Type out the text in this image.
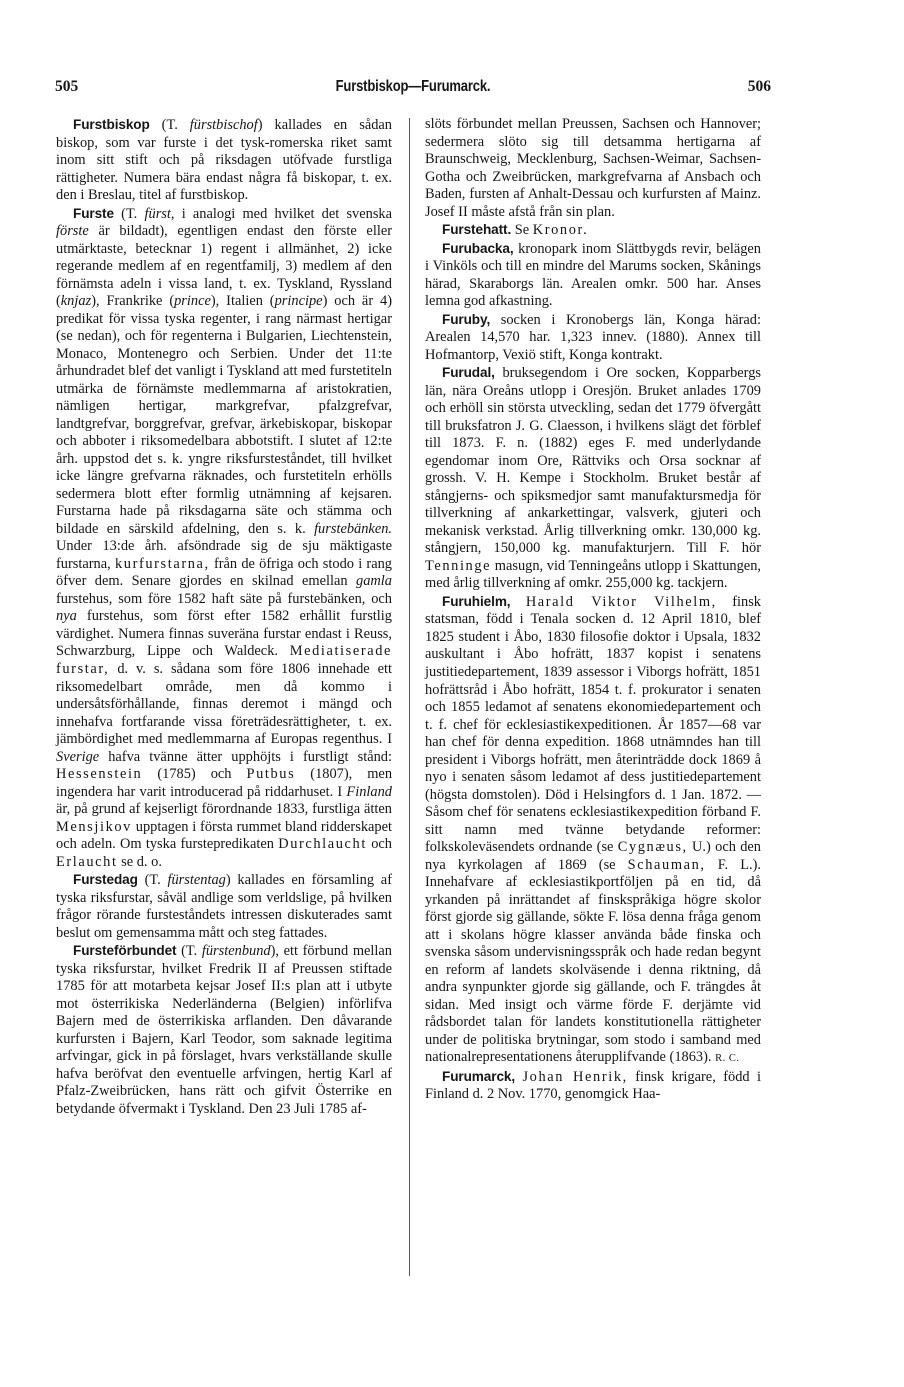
505	Furstbiskop—Furumarck.	506

Furstbiskop (T. fürstbischof) kallades en sådan biskop, som var furste i det tysk-romerska riket samt inom sitt stift och på riksdagen utöfvade furstliga rättigheter. Numera bära endast några få biskopar, t. ex. den i Breslau, titel af furstbiskop.

Furste (T. fürst, i analogi med hvilket det svenska förste är bildadt), egentligen endast den förste eller utmärktaste, betecknar 1) regent i allmänhet, 2) icke regerande medlem af en regentfamilj, 3) medlem af den förnämsta adeln i vissa land, t. ex. Tyskland, Ryssland (knjaz), Frankrike (prince), Italien (principe) och är 4) predikat för vissa tyska regenter, i rang närmast hertigar (se nedan), och för regenterna i Bulgarien, Liechtenstein, Monaco, Montenegro och Serbien. Under det 11:te århundradet blef det vanligt i Tyskland att med furstetiteln utmärka de förnämste medlemmarna af aristokratien, nämligen hertigar, markgrefvar, pfalzgrefvar, landtgrefvar, borggrefvar, grefvar, ärkebiskopar, biskopar och abboter i riksomedelbara abbotstift. I slutet af 12:te årh. uppstod det s. k. yngre riksfursteståndet, till hvilket icke längre grefvarna räknades, och furstetiteln erhölls sedermera blott efter formlig utnämning af kejsaren. Furstarna hade på riksdagarna säte och stämma och bildade en särskild afdelning, den s. k. furstebänken. Under 13:de årh. afsöndrade sig de sju mäktigaste furstarna, kurfurstarna, från de öfriga och stodo i rang öfver dem. Senare gjordes en skilnad emellan gamla furstehus, som före 1582 haft säte på furstebänken, och nya furstehus, som först efter 1582 erhållit furstlig värdighet. Numera finnas suveräna furstar endast i Reuss, Schwarzburg, Lippe och Waldeck. Mediatiserade furstar, d. v. s. sådana som före 1806 innehade ett riksomedelbart område, men då kommo i undersåtsförhållande, finnas deremot i mängd och innehafva fortfarande vissa företrädesrättigheter, t. ex. jämbördighet med medlemmarna af Europas regenthus. I Sverige hafva tvänne ätter upphöjts i furstligt stånd: Hessenstein (1785) och Putbus (1807), men ingendera har varit introducerad på riddarhuset. I Finland är, på grund af kejserligt förordnande 1833, furstliga ätten Mensjikov upptagen i första rummet bland ridderskapet och adeln. Om tyska furstepredikaten Durchlaucht och Erlaucht se d. o.

Furstedag (T. fürstentag) kallades en församling af tyska riksfurstar, såväl andlige som verldslige, på hvilken frågor rörande fursteståndets intressen diskuterades samt beslut om gemensamma mått och steg fattades.

Fursteförbundet (T. fürstenbund), ett förbund mellan tyska riksfurstar, hvilket Fredrik II af Preussen stiftade 1785 för att motarbeta kejsar Josef II:s plan att i utbyte mot österrikiska Nederländerna (Belgien) införlifva Bajern med de österrikiska arflanden. Den dåvarande kurfursten i Bajern, Karl Teodor, som saknade legitima arfvingar, gick in på förslaget, hvars verkställande skulle hafva beröfvat den eventuelle arfvingen, hertig Karl af Pfalz-Zweibrücken, hans rätt och gifvit Österrike en betydande öfvermakt i Tyskland. Den 23 Juli 1785 af-

slöts förbundet mellan Preussen, Sachsen och Hannover; sedermera slöto sig till detsamma hertigarna af Braunschweig, Mecklenburg, Sachsen-Weimar, Sachsen-Gotha och Zweibrücken, markgrefvarna af Ansbach och Baden, fursten af Anhalt-Dessau och kurfursten af Mainz. Josef II måste afstå från sin plan.

Furstehatt. Se Kronor.

Furubacka, kronopark inom Slättbygds revir, belägen i Vinköls och till en mindre del Marums socken, Skånings härad, Skaraborgs län. Arealen omkr. 500 har. Anses lemna god afkastning.

Furuby, socken i Kronobergs län, Konga härad: Arealen 14,570 har. 1,323 innev. (1880). Annex till Hofmantorp, Vexiö stift, Konga kontrakt.

Furudal, bruksegendom i Ore socken, Kopparbergs län, nära Oreåns utlopp i Oresjön. Bruket anlades 1709 och erhöll sin största utveckling, sedan det 1779 öfvergått till bruksfatron J. G. Claesson, i hvilkens slägt det förblef till 1873. F. n. (1882) eges F. med underlydande egendomar inom Ore, Rättviks och Orsa socknar af grossh. V. H. Kempe i Stockholm. Bruket består af stångjerns- och spiksmedjor samt manufaktursmedja för tillverkning af ankarkettingar, valsverk, gjuteri och mekanisk verkstad. Årlig tillverkning omkr. 130,000 kg. stångjern, 150,000 kg. manufakturjern. Till F. hör Tenninge masugn, vid Tenningeåns utlopp i Skattungen, med årlig tillverkning af omkr. 255,000 kg. tackjern.

Furuhielm, Harald Viktor Vilhelm, finsk statsman, född i Tenala socken d. 12 April 1810, blef 1825 student i Åbo, 1830 filosofie doktor i Upsala, 1832 auskultant i Åbo hofrätt, 1837 kopist i senatens justitiedepartement, 1839 assessor i Viborgs hofrätt, 1851 hofrättsråd i Åbo hofrätt, 1854 t. f. prokurator i senaten och 1855 ledamot af senatens ekonomiedepartement och t. f. chef för ecklesiastikexpeditionen. År 1857—68 var han chef för denna expedition. 1868 utnämndes han till president i Viborgs hofrätt, men återinträdde dock 1869 å nyo i senaten såsom ledamot af dess justitiedepartement (högsta domstolen). Död i Helsingfors d. 1 Jan. 1872. — Såsom chef för senatens ecklesiastikexpedition förband F. sitt namn med tvänne betydande reformer: folkskoleväsendets ordnande (se Cygnæus, U.) och den nya kyrkolagen af 1869 (se Schauman, F. L.). Innehafvare af ecklesiastikportföljen på en tid, då yrkanden på inrättandet af finskspråkiga högre skolor först gjorde sig gällande, sökte F. lösa denna fråga genom att i skolans högre klasser använda både finska och svenska såsom undervisningsspråk och hade redan begynt en reform af landets skolväsende i denna riktning, då andra synpunkter gjorde sig gällande, och F. trängdes åt sidan. Med insigt och värme förde F. derjämte vid rådsbordet talan för landets konstitutionella rättigheter under de politiska brytningar, som stodo i samband med nationalrepresentationens återupplifvande (1863). R. C.

Furumarck, Johan Henrik, finsk krigare, född i Finland d. 2 Nov. 1770, genomgick Haa-
